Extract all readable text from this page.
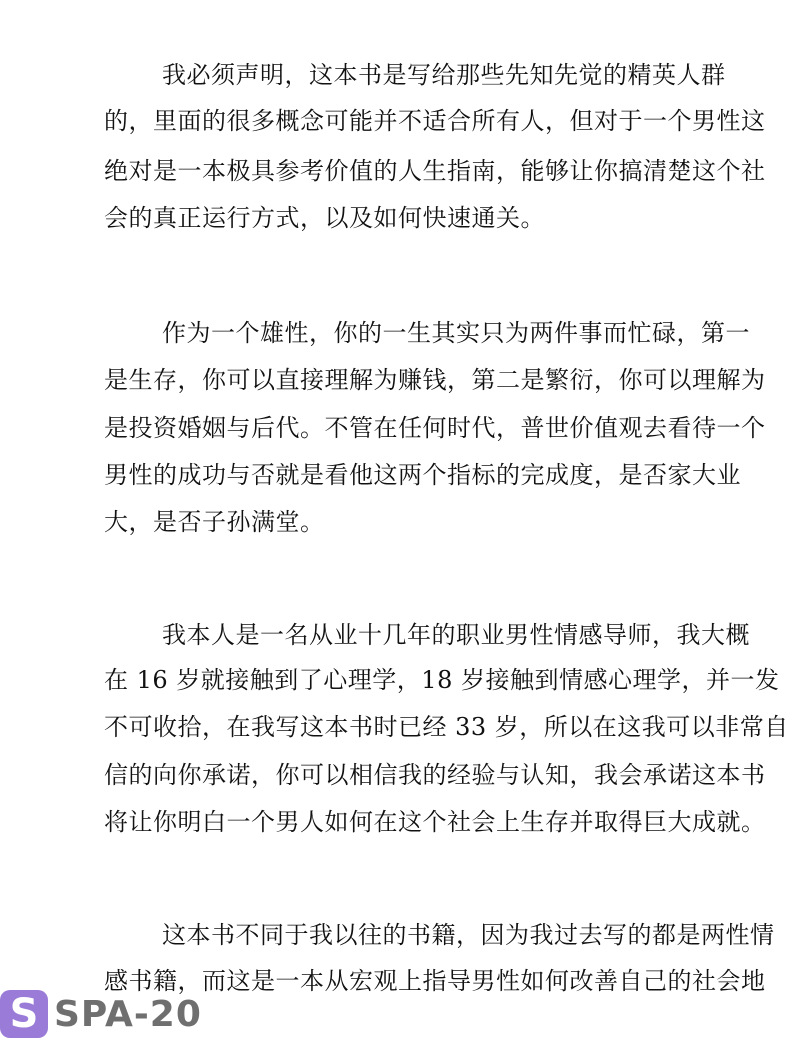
我必须声明，这本书是写给那些先知先觉的精英人群
的，里面的很多概念可能并不适合所有人，但对于一个男性这
绝对是一本极具参考价值的人生指南，能够让你搞清楚这个社
会的真正运行方式，以及如何快速通关。
作为一个雄性，你的一生其实只为两件事而忙碌，第一
是生存，你可以直接理解为赚钱，第二是繁衍，你可以理解为
是投资婚姻与后代。不管在任何时代，普世价值观去看待一个
男性的成功与否就是看他这两个指标的完成度，是否家大业
大，是否子孙满堂。
我本人是一名从业十几年的职业男性情感导师，我大概
在 16 岁就接触到了心理学，18 岁接触到情感心理学，并一发
不可收拾，在我写这本书时已经 33 岁，所以在这我可以非常自
信的向你承诺，你可以相信我的经验与认知，我会承诺这本书
将让你明白一个男人如何在这个社会上生存并取得巨大成就。
这本书不同于我以往的书籍，因为我过去写的都是两性情
感书籍，而这是一本从宏观上指导男性如何改善自己的社会地
S SPA-20
